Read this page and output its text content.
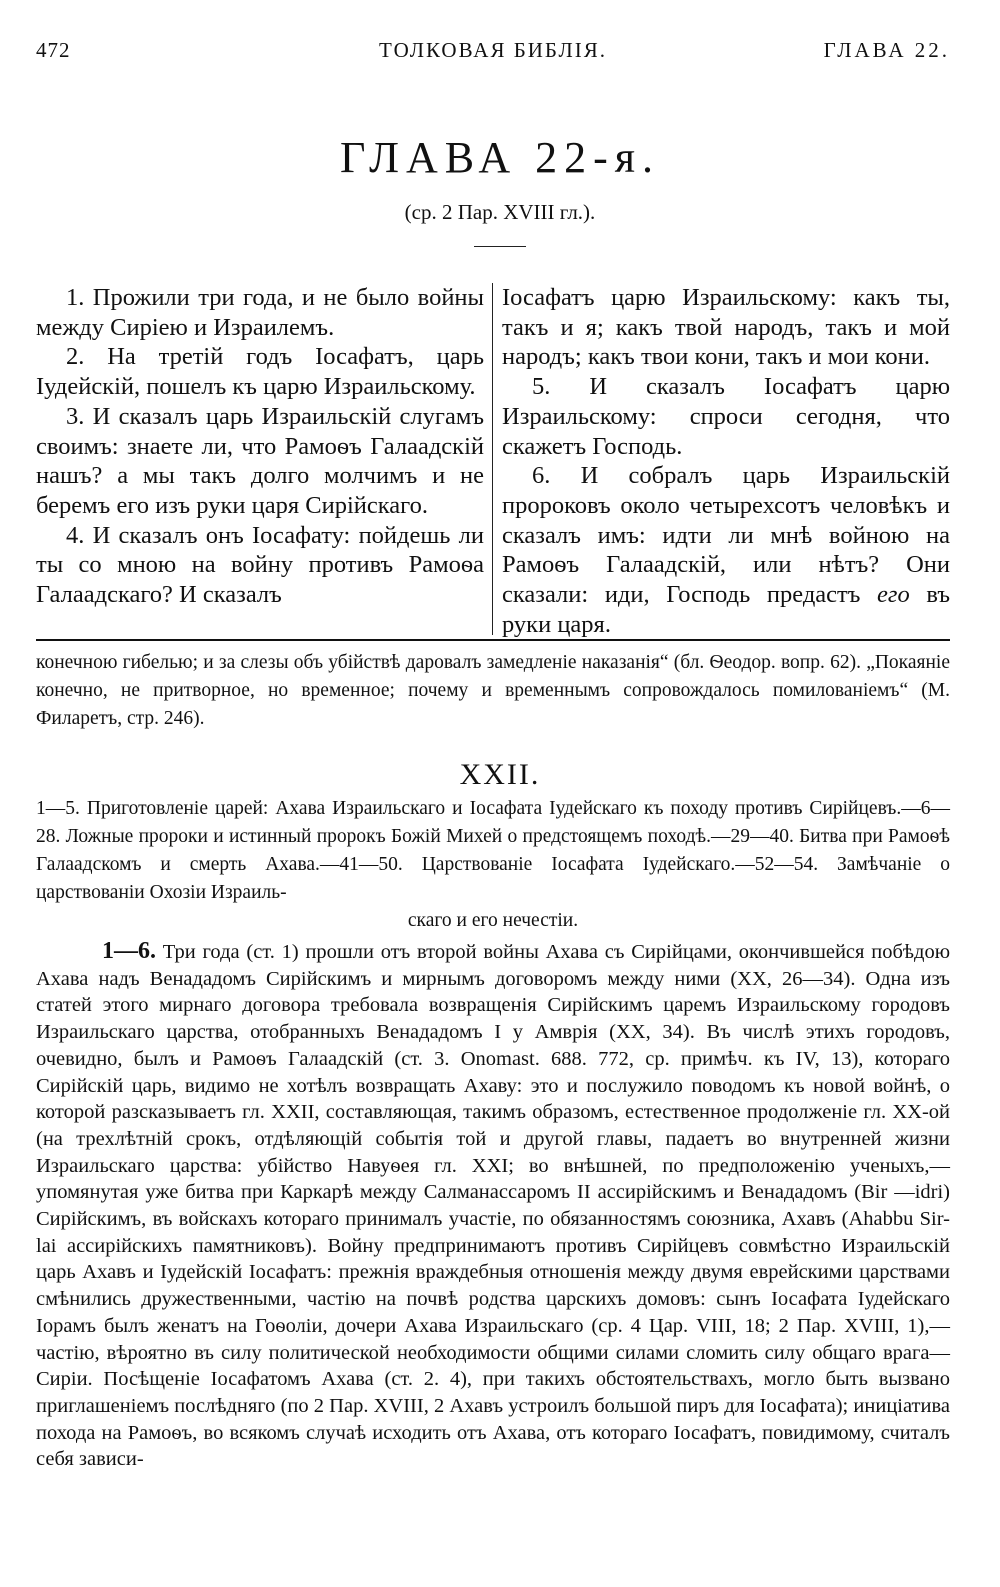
472	ТОЛКОВАЯ БИБЛІЯ.	ГЛАВА 22.
ГЛАВА 22-я.
(ср. 2 Пар. XVIII гл.).

1. Прожили три года, и не было войны между Сиріею и Израилемъ.

2. На третій годъ Іосафатъ, царь Іудейскій, пошелъ къ царю Израильскому.

3. И сказалъ царь Израильскій слугамъ своимъ: знаете ли, что Рамоѳъ Галаадскій нашъ? а мы такъ долго молчимъ и не беремъ его изъ руки царя Сирійскаго.

4. И сказалъ онъ Іосафату: пойдешь ли ты со мною на войну противъ Рамоѳа Галаадскаго? И сказалъ

Іосафатъ царю Израильскому: какъ ты, такъ и я; какъ твой народъ, такъ и мой народъ; какъ твои кони, такъ и мои кони.

5. И сказалъ Іосафатъ царю Израильскому: спроси сегодня, что скажетъ Господь.

6. И собралъ царь Израильскій пророковъ около четырехсотъ человѣкъ и сказалъ имъ: идти ли мнѣ войною на Рамоѳъ Галаадскій, или нѣтъ? Они сказали: иди, Господь предастъ его въ руки царя.

конечною гибелью; и за слезы объ убійствѣ даровалъ замедленіе наказанія“ (бл. Ѳеодор. вопр. 62). „Покаяніе конечно, не притворное, но временное; почему и временнымъ сопровождалось помилованіемъ“ (М. Филаретъ, стр. 246).

XXII.

1—5. Приготовленіе царей: Ахава Израильскаго и Іосафата Іудейскаго къ походу противъ Сирійцевъ.—6—28. Ложные пророки и истинный пророкъ Божій Михей о предстоящемъ походѣ.—29—40. Битва при Рамоѳѣ Галаадскомъ и смерть Ахава.—41—50. Царствованіе Іосафата Іудейскаго.—52—54. Замѣчаніе о царствованіи Охозіи Израиль-
скаго и его нечестіи.

1—6. Три года (ст. 1) прошли отъ второй войны Ахава съ Сирійцами, окончившейся побѣдою Ахава надъ Венададомъ Сирійскимъ и мирнымъ договоромъ между ними (XX, 26—34). Одна изъ статей этого мирнаго договора требовала возвращенія Сирійскимъ царемъ Израильскому городовъ Израильскаго царства, отобранныхъ Венададомъ I у Амврія (XX, 34). Въ числѣ этихъ городовъ, очевидно, былъ и Рамоѳъ Галаадскій (ст. 3. Onomast. 688. 772, ср. примѣч. къ IV, 13), котораго Сирійскій царь, видимо не хотѣлъ возвращать Ахаву: это и послужило поводомъ къ новой войнѣ, о которой разсказываетъ гл. XXII, составляющая, такимъ образомъ, естественное продолженіе гл. XX-ой (на трехлѣтній срокъ, отдѣляющій событія той и другой главы, падаетъ во внутренней жизни Израильскаго царства: убійство Навуѳея гл. XXI; во внѣшней, по предположенію ученыхъ,—упомянутая уже битва при Каркарѣ между Салманассаромъ II ассирійскимъ и Венададомъ (Bir —idri) Сирійскимъ, въ войскахъ котораго принималъ участіе, по обязанностямъ союзника, Ахавъ (Ahabbu Sir-lai ассирійскихъ памятниковъ). Войну предпринимаютъ противъ Сирійцевъ совмѣстно Израильскій царь Ахавъ и Іудейскій Іосафатъ: прежнія враждебныя отношенія между двумя еврейскими царствами смѣнились дружественными, частію на почвѣ родства царскихъ домовъ: сынъ Іосафата Іудейскаго Іорамъ былъ женатъ на Гоѳоліи, дочери Ахава Израильскаго (ср. 4 Цар. VIII, 18; 2 Пар. XVIII, 1),—частію, вѣроятно въ силу политической необходимости общими силами сломить силу общаго врага—Сиріи. Посѣщеніе Іосафатомъ Ахава (ст. 2. 4), при такихъ обстоятельствахъ, могло быть вызвано приглашеніемъ послѣдняго (по 2 Пар. XVIII, 2 Ахавъ устроилъ большой пиръ для Іосафата); иниціатива похода на Рамоѳъ, во всякомъ случаѣ исходить отъ Ахава, отъ котораго Іосафатъ, повидимому, считалъ себя зависи-
